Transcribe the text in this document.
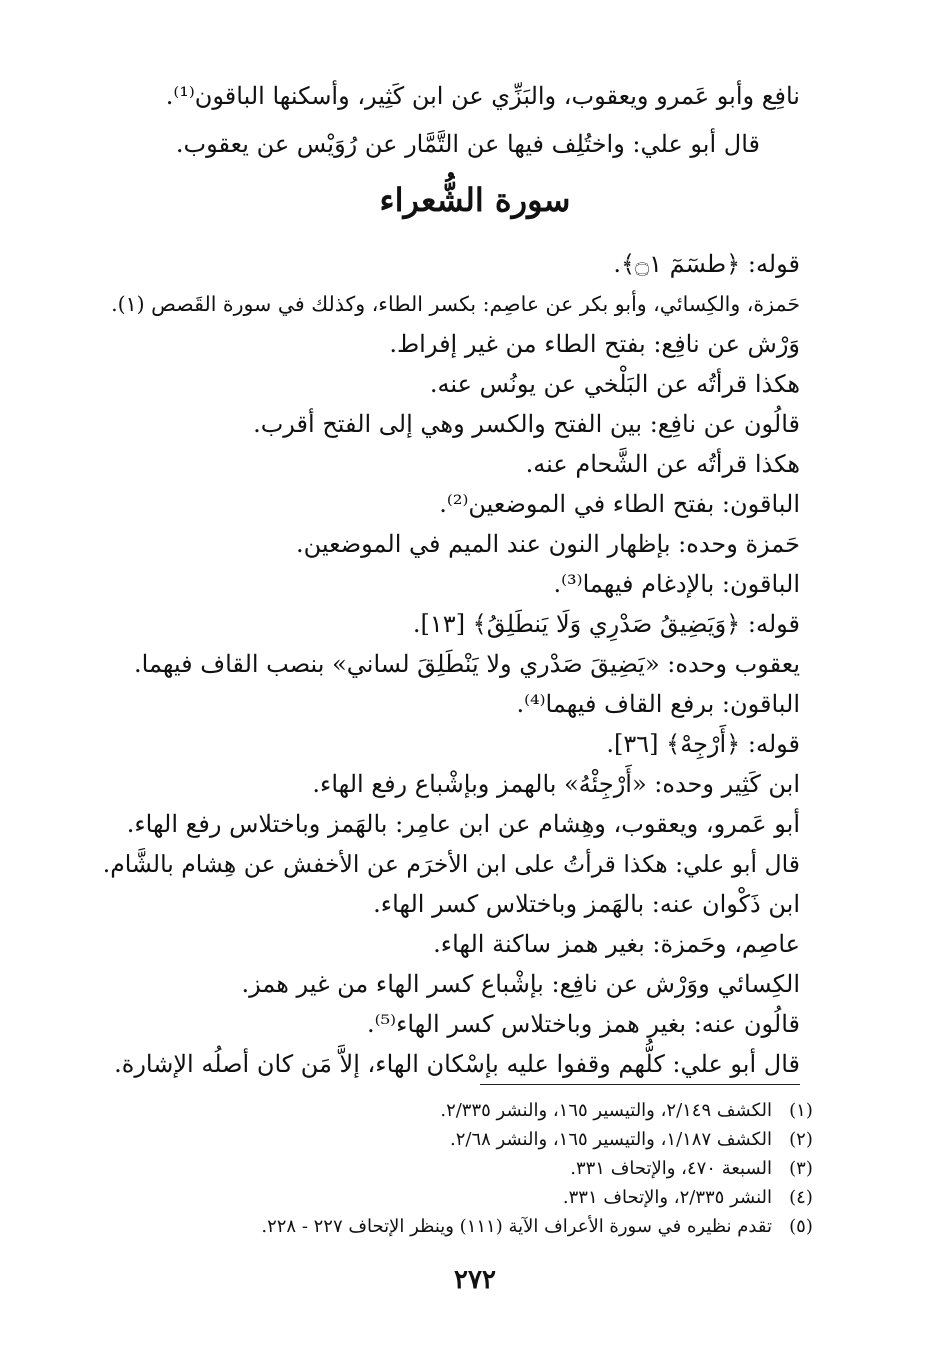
نافِع وأبو عَمرو ويعقوب، والبَزِّي عن ابن كَثِير، وأسكنها الباقون⁽¹⁾.
قال أبو علي: واختُلِف فيها عن التَّمَّار عن رُوَيْس عن يعقوب.
سورة الشُّعراء
قوله: ﴿طسٓمٓ ۝١﴾.
حَمزة، والكِسائي، وأبو بكر عن عاصِم: بكسر الطاء، وكذلك في سورة القَصص (١).
وَرْش عن نافِع: بفتح الطاء من غير إفراط.
هكذا قرأتُه عن البَلْخي عن يونُس عنه.
قالُون عن نافِع: بين الفتح والكسر وهي إلى الفتح أقرب.
هكذا قرأتُه عن الشَّحام عنه.
الباقون: بفتح الطاء في الموضعين⁽²⁾.
حَمزة وحده: بإظهار النون عند الميم في الموضعين.
الباقون: بالإدغام فيهما⁽³⁾.
قوله: ﴿وَيَضِيقُ صَدْرِي وَلَا يَنطَلِقُ﴾ [١٣].
يعقوب وحده: «يَضِيقَ صَدْري ولا يَنْطَلِقَ لساني» بنصب القاف فيهما.
الباقون: برفع القاف فيهما⁽⁴⁾.
قوله: ﴿أَرْجِهْ﴾ [٣٦].
ابن كَثِير وحده: «أَرْجِئْهُ» بالهمز وبإشْباع رفع الهاء.
أبو عَمرو، ويعقوب، وهِشام عن ابن عامِر: بالهَمز وباختلاس رفع الهاء.
قال أبو علي: هكذا قرأتُ على ابن الأخرَم عن الأخفش عن هِشام بالشَّام.
ابن ذَكْوان عنه: بالهَمز وباختلاس كسر الهاء.
عاصِم، وحَمزة: بغير همز ساكنة الهاء.
الكِسائي ووَرْش عن نافِع: بإشْباع كسر الهاء من غير همز.
قالُون عنه: بغير همز وباختلاس كسر الهاء⁽⁵⁾.
قال أبو علي: كلُّهم وقفوا عليه بإسْكان الهاء، إلاَّ مَن كان أصلُه الإشارة.
(١)الكشف ٢/١٤٩، والتيسير ١٦٥، والنشر ٢/٣٣٥.
(٢)الكشف ١/١٨٧، والتيسير ١٦٥، والنشر ٢/٦٨.
(٣)السبعة ٤٧٠، والإتحاف ٣٣١.
(٤)النشر ٢/٣٣٥، والإتحاف ٣٣١.
(٥)تقدم نظيره في سورة الأعراف الآية (١١١) وينظر الإتحاف ٢٢٧ - ٢٢٨.
٢٧٢
